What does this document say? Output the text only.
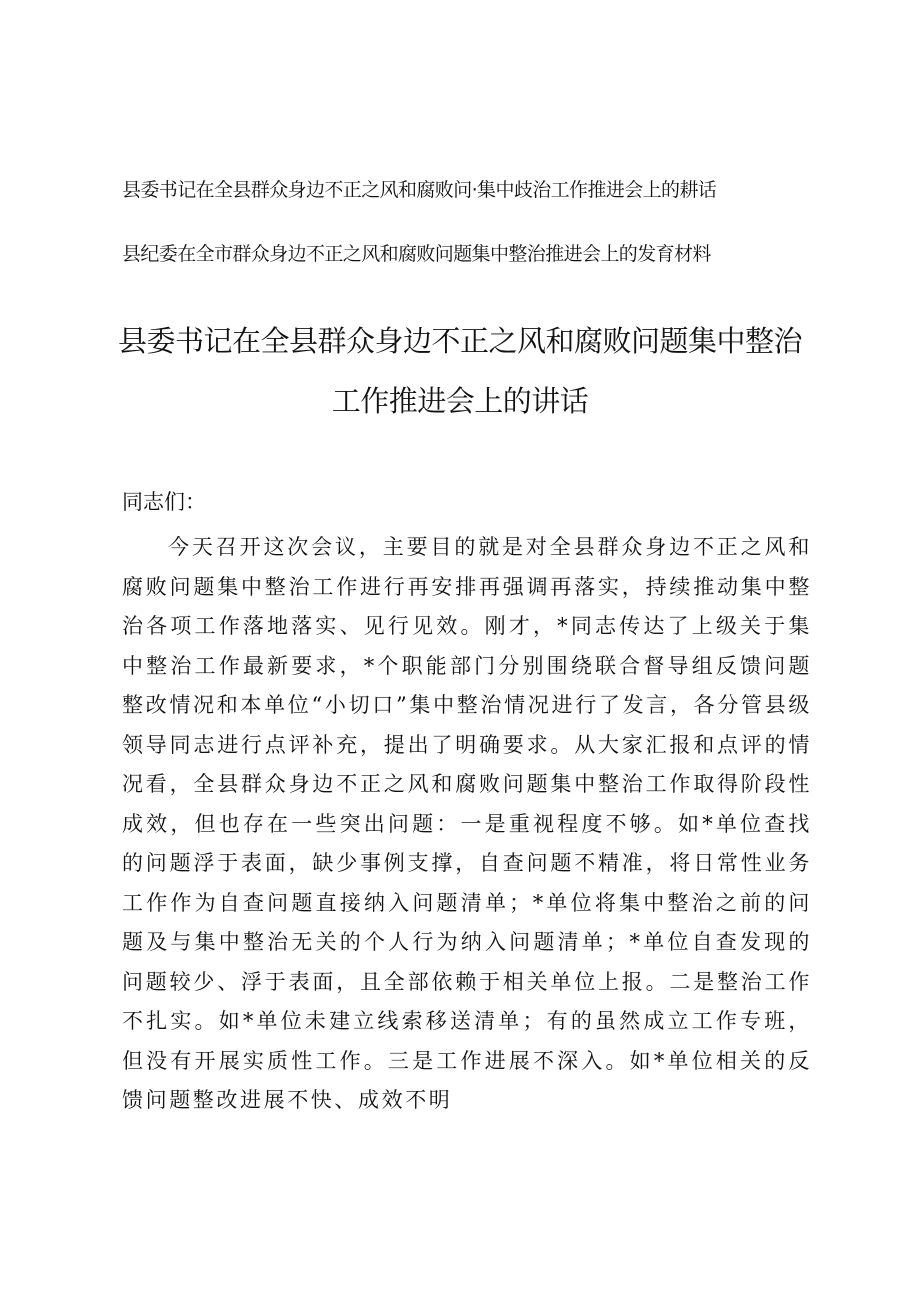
县委书记在全县群众身边不正之风和腐败问·集中歧治工作推进会上的耕话
县纪委在全市群众身边不正之风和腐败问题集中整治推进会上的发育材料
县委书记在全县群众身边不正之风和腐败问题集中整治
工作推进会上的讲话
同志们：
今天召开这次会议，主要目的就是对全县群众身边不正之风和腐败问题集中整治工作进行再安排再强调再落实，持续推动集中整治各项工作落地落实、见行见效。刚才，*同志传达了上级关于集中整治工作最新要求，*个职能部门分别围绕联合督导组反馈问题整改情况和本单位“小切口”集中整治情况进行了发言，各分管县级领导同志进行点评补充，提出了明确要求。从大家汇报和点评的情况看，全县群众身边不正之风和腐败问题集中整治工作取得阶段性成效，但也存在一些突出问题：一是重视程度不够。如*单位查找的问题浮于表面，缺少事例支撑，自查问题不精准，将日常性业务工作作为自查问题直接纳入问题清单；*单位将集中整治之前的问题及与集中整治无关的个人行为纳入问题清单；*单位自查发现的问题较少、浮于表面，且全部依赖于相关单位上报。二是整治工作不扎实。如*单位未建立线索移送清单；有的虽然成立工作专班，但没有开展实质性工作。三是工作进展不深入。如*单位相关的反馈问题整改进展不快、成效不明
